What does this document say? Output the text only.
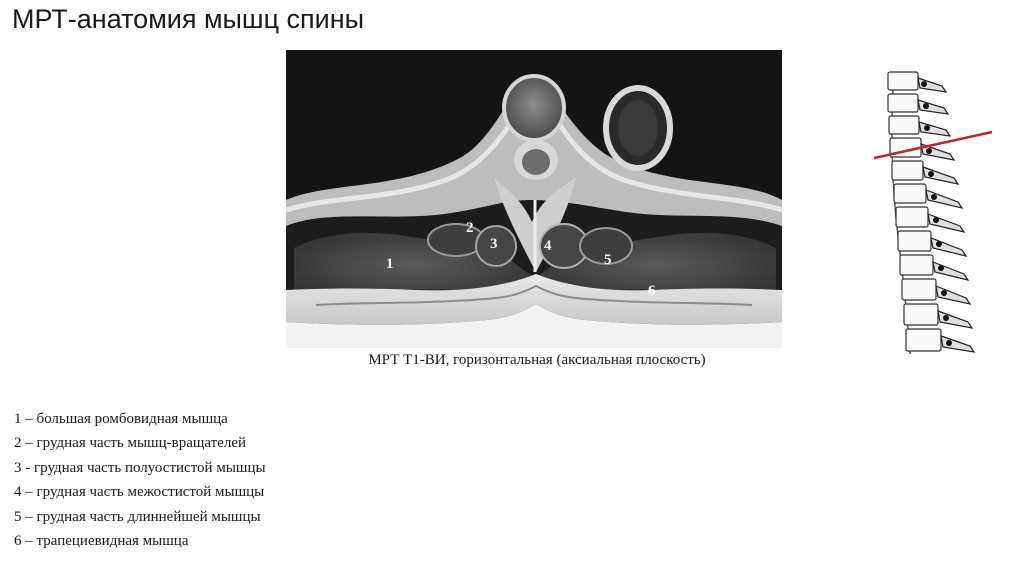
МРТ-анатомия мышц спины
1
2
3	4
5
6
МРТ Т1-ВИ, горизонтальная (аксиальная плоскость)
1 – большая ромбовидная мышца
2 – грудная часть мышц-вращателей
3 - грудная часть полуостистой мышцы
4 – грудная часть межостистой мышцы
5 – грудная часть длиннейшей мышцы
6 – трапециевидная мышца
